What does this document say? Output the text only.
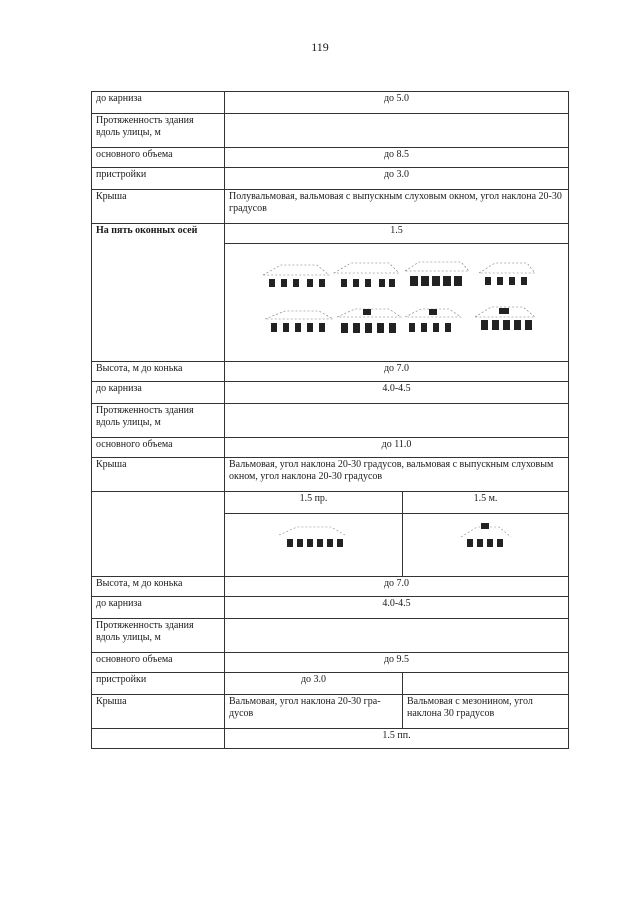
119
до карниза	до 5.0	
Протяженность здания вдоль улицы, м		
основного объема	до 8.5	
пристройки	до 3.0	
Крыша	Полувальмовая, вальмовая с выпускным слуховым окном, угол наклона 20-30 градусов	
На пять оконных осей	1.5	

Высота, м до конька	до 7.0	
до карниза	4.0-4.5	
Протяженность здания вдоль улицы, м		
основного объема	до 11.0	
Крыша	Вальмовая, угол наклона 20-30 градусов, вальмовая с выпускным слуховым окном, угол наклона 20-30 градусов	
	1.5 пр.	1.5 м.

Высота, м до конька	до 7.0	
до карниза	4.0-4.5	
Протяженность здания вдоль улицы, м		
основного объема	до 9.5	
пристройки	до 3.0	
Крыша	Вальмовая, угол наклона 20-30 гра-дусов	Вальмовая с мезонином, угол наклона 30 градусов
	1.5 пп.	
